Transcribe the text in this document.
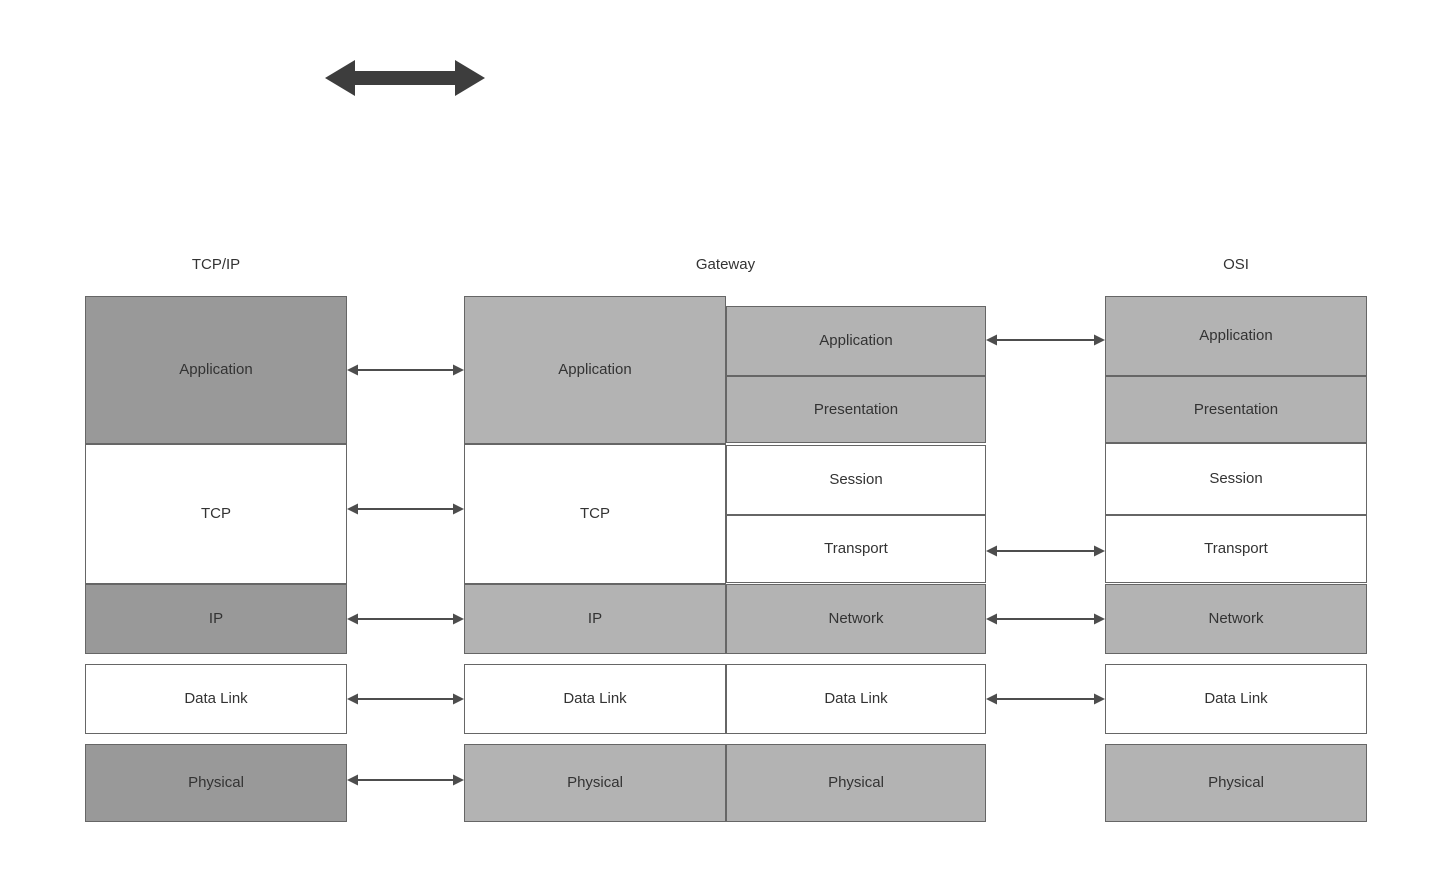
TCP/IP	Gateway	OSI
Application
TCP
IP
Data Link
Physical
Application
TCP
IP
Data Link
Physical
Application
Presentation
Session
Transport
Network
Data Link
Physical
Application
Presentation
Session
Transport
Network
Data Link
Physical
